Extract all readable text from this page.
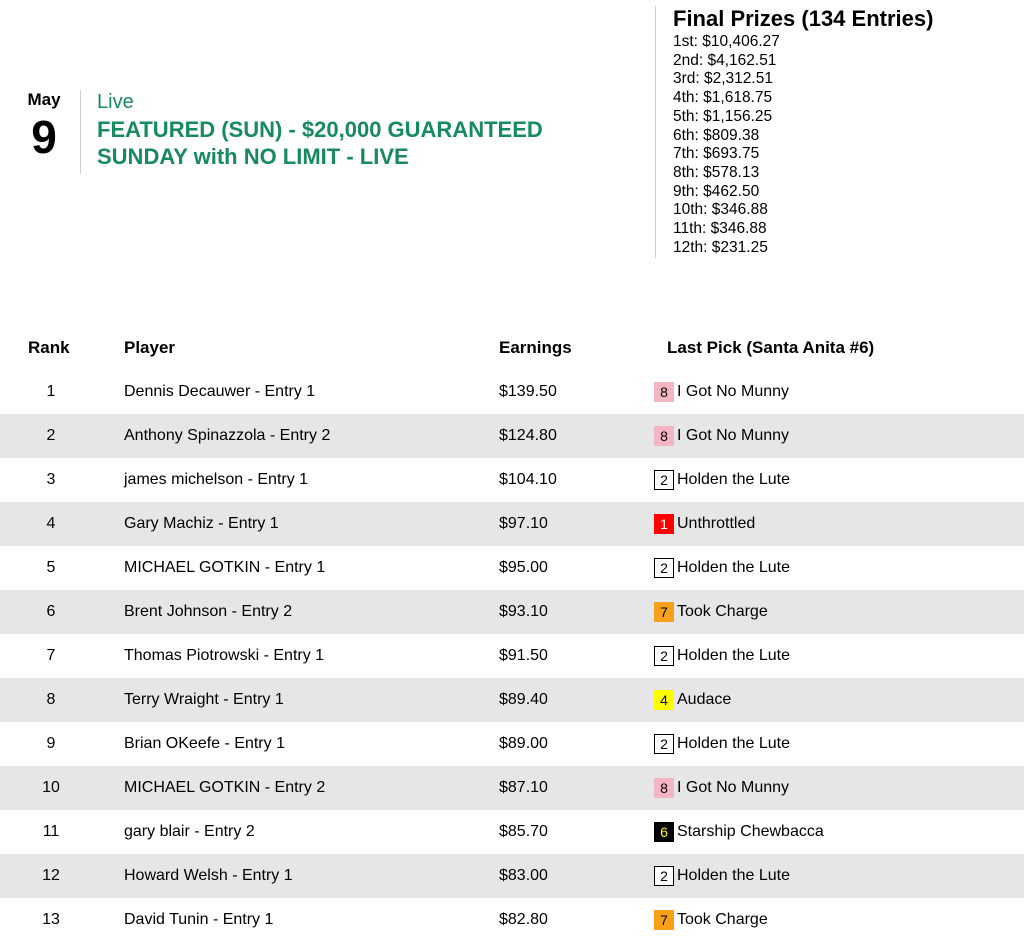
May
9
Live
FEATURED (SUN) - $20,000 GUARANTEED
SUNDAY with NO LIMIT - LIVE
Final Prizes (134 Entries)
1st: $10,406.27
2nd: $4,162.51
3rd: $2,312.51
4th: $1,618.75
5th: $1,156.25
6th: $809.38
7th: $693.75
8th: $578.13
9th: $462.50
10th: $346.88
11th: $346.88
12th: $231.25
Rank	Player	Earnings	Last Pick (Santa Anita #6)
1	Dennis Decauwer - Entry 1	$139.50	8 I Got No Munny
2	Anthony Spinazzola - Entry 2	$124.80	8 I Got No Munny
3	james michelson - Entry 1	$104.10	2 Holden the Lute
4	Gary Machiz - Entry 1	$97.10	1 Unthrottled
5	MICHAEL GOTKIN - Entry 1	$95.00	2 Holden the Lute
6	Brent Johnson - Entry 2	$93.10	7 Took Charge
7	Thomas Piotrowski - Entry 1	$91.50	2 Holden the Lute
8	Terry Wraight - Entry 1	$89.40	4 Audace
9	Brian OKeefe - Entry 1	$89.00	2 Holden the Lute
10	MICHAEL GOTKIN - Entry 2	$87.10	8 I Got No Munny
11	gary blair - Entry 2	$85.70	6 Starship Chewbacca
12	Howard Welsh - Entry 1	$83.00	2 Holden the Lute
13	David Tunin - Entry 1	$82.80	7 Took Charge
